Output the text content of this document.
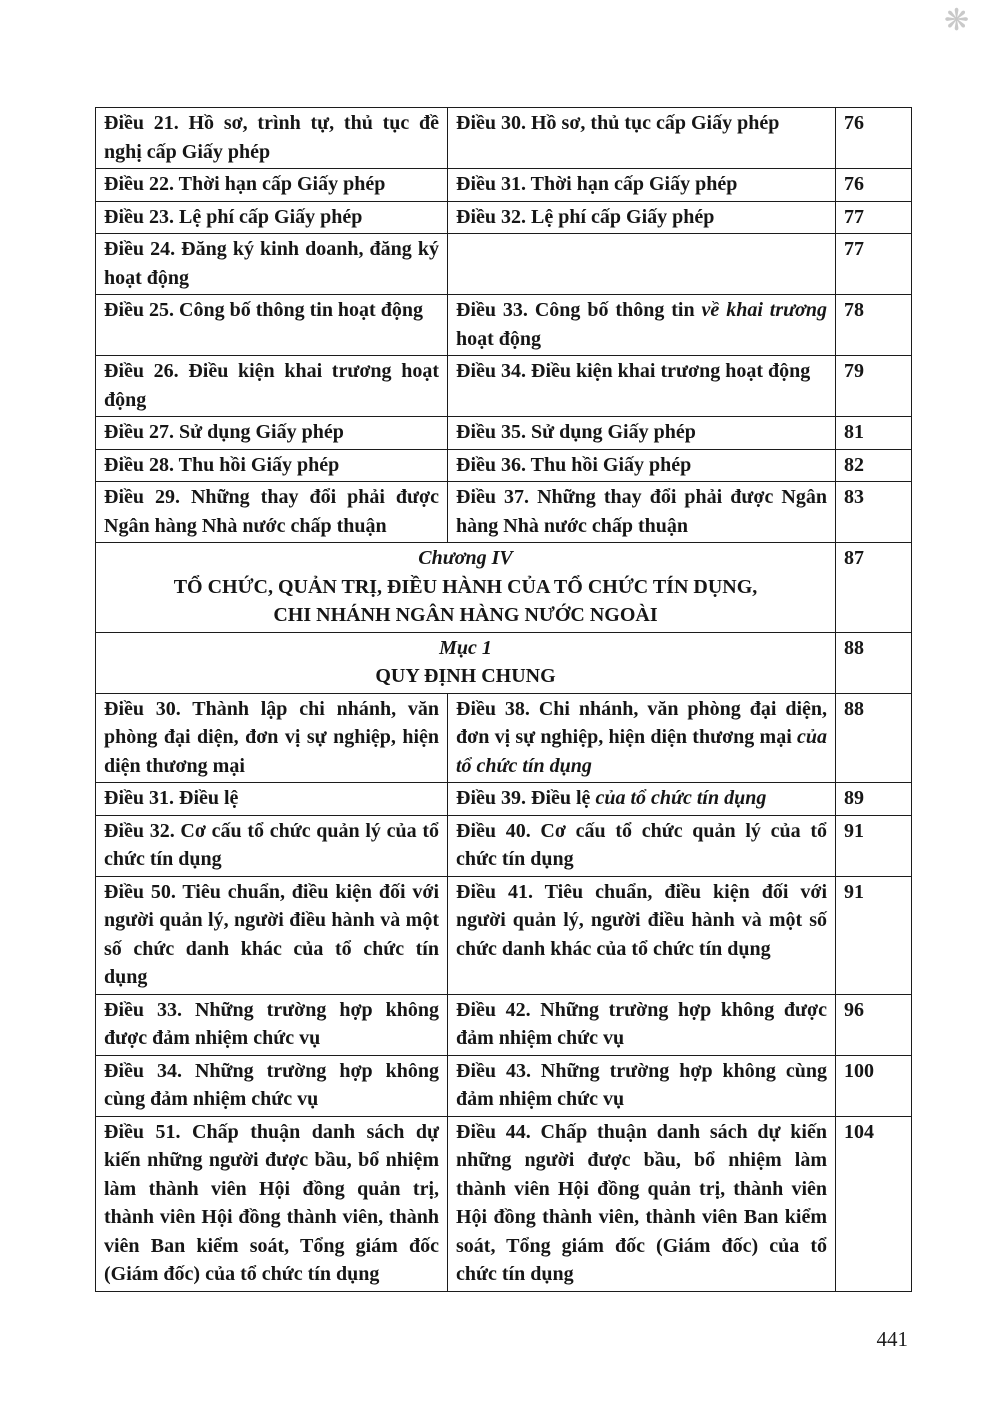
❋
Điều 21. Hồ sơ, trình tự, thủ tục đề nghị cấp Giấy phép	Điều 30. Hồ sơ, thủ tục cấp Giấy phép	76
Điều 22. Thời hạn cấp Giấy phép	Điều 31. Thời hạn cấp Giấy phép	76
Điều 23. Lệ phí cấp Giấy phép	Điều 32. Lệ phí cấp Giấy phép	77
Điều 24. Đăng ký kinh doanh, đăng ký hoạt động		77
Điều 25. Công bố thông tin hoạt động	Điều 33. Công bố thông tin về khai trương hoạt động	78
Điều 26. Điều kiện khai trương hoạt động	Điều 34. Điều kiện khai trương hoạt động	79
Điều 27. Sử dụng Giấy phép	Điều 35. Sử dụng Giấy phép	81
Điều 28. Thu hồi Giấy phép	Điều 36. Thu hồi Giấy phép	82
Điều 29. Những thay đổi phải được Ngân hàng Nhà nước chấp thuận	Điều 37. Những thay đổi phải được Ngân hàng Nhà nước chấp thuận	83

Chương IV
TỔ CHỨC, QUẢN TRỊ, ĐIỀU HÀNH CỦA TỔ CHỨC TÍN DỤNG,
CHI NHÁNH NGÂN HÀNG NƯỚC NGOÀI		87

Mục 1
QUY ĐỊNH CHUNG		88
Điều 30. Thành lập chi nhánh, văn phòng đại diện, đơn vị sự nghiệp, hiện diện thương mại	Điều 38. Chi nhánh, văn phòng đại diện, đơn vị sự nghiệp, hiện diện thương mại của tổ chức tín dụng	88
Điều 31. Điều lệ	Điều 39. Điều lệ của tổ chức tín dụng	89
Điều 32. Cơ cấu tổ chức quản lý của tổ chức tín dụng	Điều 40. Cơ cấu tổ chức quản lý của tổ chức tín dụng	91
Điều 50. Tiêu chuẩn, điều kiện đối với người quản lý, người điều hành và một số chức danh khác của tổ chức tín dụng	Điều 41. Tiêu chuẩn, điều kiện đối với người quản lý, người điều hành và một số chức danh khác của tổ chức tín dụng	91
Điều 33. Những trường hợp không được đảm nhiệm chức vụ	Điều 42. Những trường hợp không được đảm nhiệm chức vụ	96
Điều 34. Những trường hợp không cùng đảm nhiệm chức vụ	Điều 43. Những trường hợp không cùng đảm nhiệm chức vụ	100
Điều 51. Chấp thuận danh sách dự kiến những người được bầu, bổ nhiệm làm thành viên Hội đồng quản trị, thành viên Hội đồng thành viên, thành viên Ban kiểm soát, Tổng giám đốc (Giám đốc) của tổ chức tín dụng	Điều 44. Chấp thuận danh sách dự kiến những người được bầu, bổ nhiệm làm thành viên Hội đồng quản trị, thành viên Hội đồng thành viên, thành viên Ban kiểm soát, Tổng giám đốc (Giám đốc) của tổ chức tín dụng	104
441
